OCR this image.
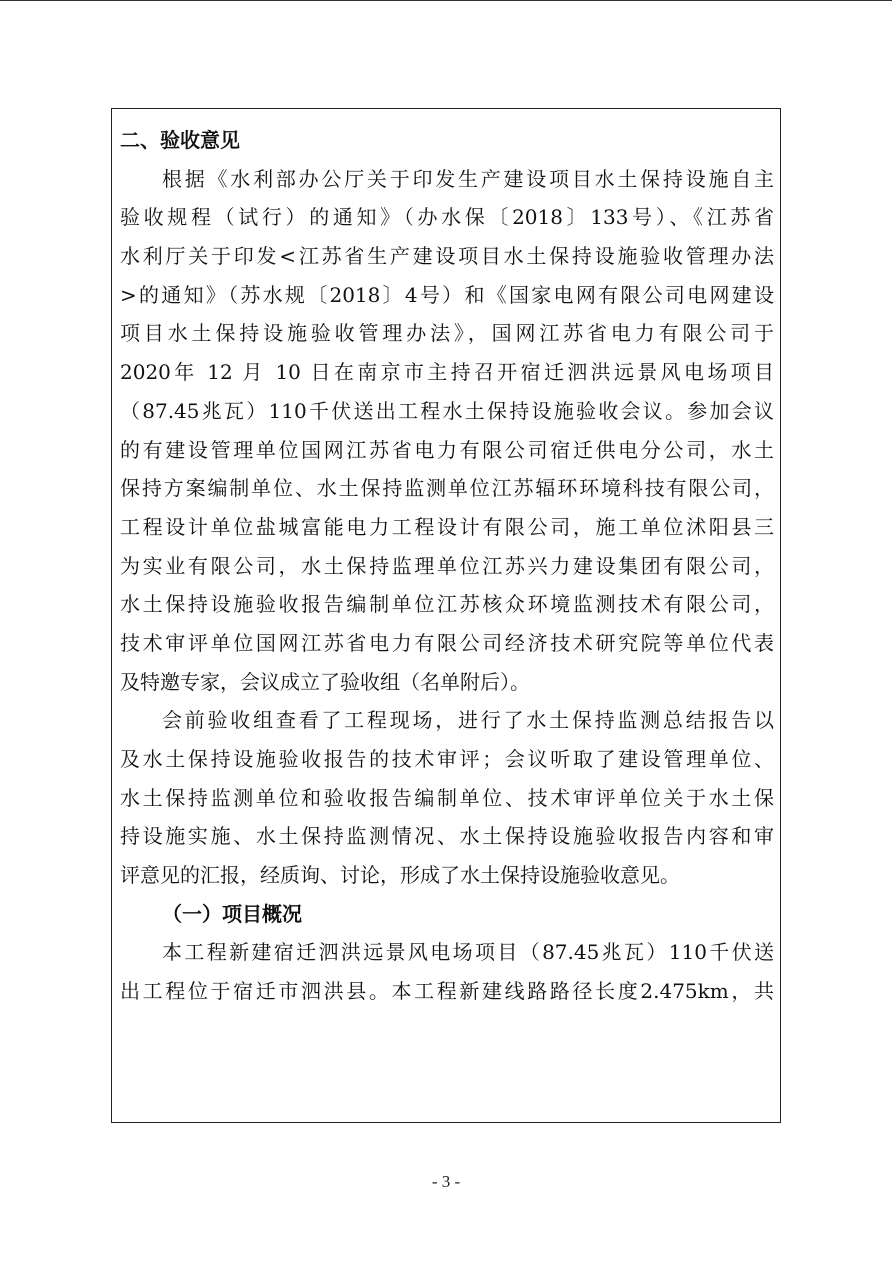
二、验收意见
根据《水利部办公厅关于印发生产建设项目水土保持设施自主
验收规程（试行）的通知》（办水保〔2018〕133号）、《江苏省
水利厅关于印发<江苏省生产建设项目水土保持设施验收管理办法
>的通知》（苏水规〔2018〕4号）和《国家电网有限公司电网建设
项目水土保持设施验收管理办法》，国网江苏省电力有限公司于
2020年 12 月 10 日在南京市主持召开宿迁泗洪远景风电场项目
（87.45兆瓦）110千伏送出工程水土保持设施验收会议。参加会议
的有建设管理单位国网江苏省电力有限公司宿迁供电分公司，水土
保持方案编制单位、水土保持监测单位江苏辐环环境科技有限公司，
工程设计单位盐城富能电力工程设计有限公司，施工单位沭阳县三
为实业有限公司，水土保持监理单位江苏兴力建设集团有限公司，
水土保持设施验收报告编制单位江苏核众环境监测技术有限公司，
技术审评单位国网江苏省电力有限公司经济技术研究院等单位代表
及特邀专家，会议成立了验收组（名单附后）。
会前验收组查看了工程现场，进行了水土保持监测总结报告以
及水土保持设施验收报告的技术审评；会议听取了建设管理单位、
水土保持监测单位和验收报告编制单位、技术审评单位关于水土保
持设施实施、水土保持监测情况、水土保持设施验收报告内容和审
评意见的汇报，经质询、讨论，形成了水土保持设施验收意见。
（一）项目概况
本工程新建宿迁泗洪远景风电场项目（87.45兆瓦）110千伏送
出工程位于宿迁市泗洪县。本工程新建线路路径长度2.475km，共
- 3 -
